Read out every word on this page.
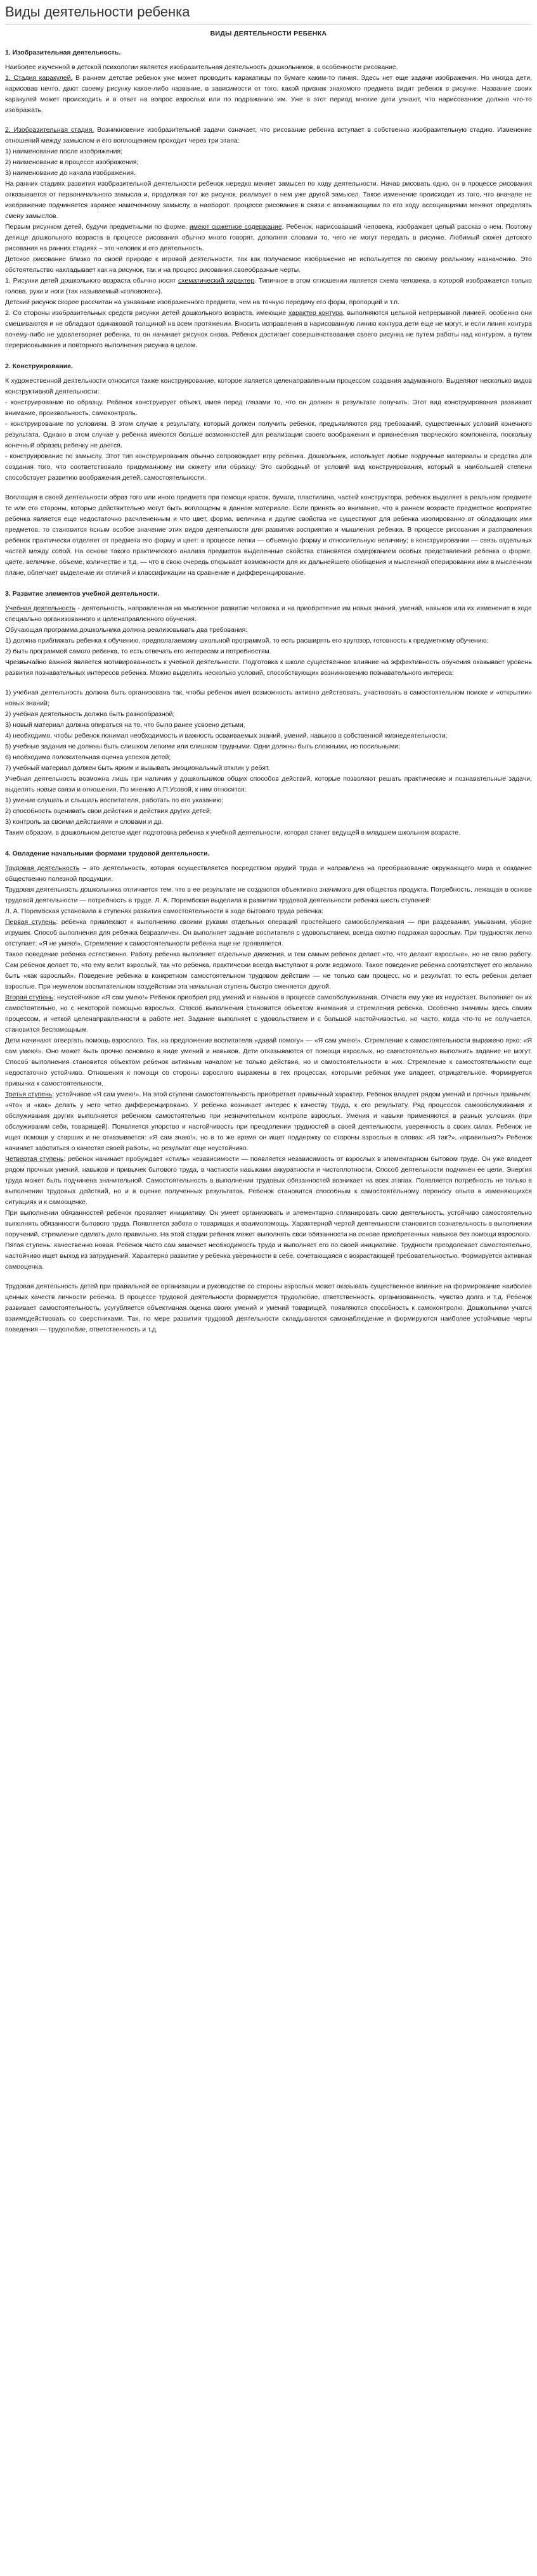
Виды деятельности ребенка
ВИДЫ ДЕЯТЕЛЬНОСТИ РЕБЕНКА

1. Изобразительная деятельность.

Наиболее изученной в детской психологии является изобразительная деятельность дошкольников, в особенности рисование.

1. Стадия каракулей. В раннем детстве ребенок уже может проводить каракатицы по бумаге каким-то линия. Здесь нет еще задачи изображения. Но иногда дети, нарисовав нечто, дают своему рисунку какое-либо название, в зависимости от того, какой признак знакомого предмета видит ребенок в рисунке. Название своих каракулей может происходить и в ответ на вопрос взрослых или по подражанию им. Уже в этот период многие дети узнают, что нарисованное должно что-то изображать.

2. Изобразительная стадия. Возникновение изобразительной задачи означает, что рисование ребенка вступает в собственно изобразительную стадию. Изменение отношений между замыслом и его воплощением проходит через три этапа:

1) наименование после изображения;

2) наименование в процессе изображения;

3) наименование до начала изображения.

На ранних стадиях развития изобразительной деятельности ребенок нередко меняет замысел по ходу деятельности. Начав рисовать одно, он в процессе рисования отказывается от первоначального замысла и, продолжая тот же рисунок, реализует в нем уже другой замысел. Такое изменение происходит из того, что вначале не изображение подчиняется заранее намеченному замыслу, а наоборот: процессе рисования в связи с возникающими по его ходу ассоциациями меняют определять смену замыслов.

Первым рисунком детей, будучи предметными по форме, имеют сюжетное содержание. Ребенок, нарисовавший человека, изображает целый рассказ о нем. Поэтому детище дошкольного возраста в процессе рисования обычно много говорят, дополняя словами то, чего не могут передать в рисунке. Любимый сюжет детского рисования на ранних стадиях – это человек и его деятельность.

Детское рисование близко по своей природе к игровой деятельности, так как получаемое изображение не используется по своему реальному назначению. Это обстоятельство накладывает как на рисунок, так и на процесс рисования своеобразные черты.

1. Рисунки детей дошкольного возраста обычно носят схематический характер. Типичное в этом отношении является схема человека, в которой изображается только голова, руки и ноги (так называемый «головоног»).

Детский рисунок скорее рассчитан на узнавание изображенного предмета, чем на точную передачу его форм, пропорций и т.п.

2. Со стороны изобразительных средств рисунки детей дошкольного возраста, имеющие характер контура, выполняются цельной непрерывной линией, особенно они смешиваются и не обладают одинаковой толщиной на всем протяжении. Вносить исправления в нарисованную линию контура дети еще не могут, и если линия контура почему-либо не удовлетворяет ребенка, то он начинает рисунок снова. Ребенок достигает совершенствования своего рисунка не путем работы над контуром, а путем перерисовывания и повторного выполнения рисунка в целом.

2. Конструирование.

К художественной деятельности относится также конструирование, которое является целенаправленным процессом создания задуманного. Выделяют несколько видов конструктивной деятельности:

- конструирование по образцу. Ребенок конструирует объект, имея перед глазами то, что он должен в результате получить. Этот вид конструирования развивает внимание, произвольность, самоконтроль.

- конструирование по условиям. В этом случае к результату, который должен получить ребенок, предъявляются ряд требований, существенных условий конечного результата. Однако в этом случае у ребенка имеются больше возможностей для реализации своего воображения и привнесения творческого компонента, поскольку конечный образец ребенку не дается.

- конструирование по замыслу. Этот тип конструирования обычно сопровождает игру ребенка. Дошкольник, использует любые подручные материалы и средства для создания того, что соответствовало придуманному им сюжету или образцу. Это свободный от условий вид конструирования, который в наибольшей степени способствует развитию воображения детей, самостоятельности.

Воплощая в своей деятельности образ того или иного предмета при помощи красок, бумаги, пластилина, частей конструктора, ребенок выделяет в реальном предмете те или его стороны, которые действительно могут быть воплощены в данном материале. Если принять во внимание, что в раннем возрасте предметное восприятие ребенка является еще недостаточно расчлененным и что цвет, форма, величина и другие свойства не существуют для ребенка изолированно от обладающих ими предметов, то становится ясным особое значение этих видов деятельности для развития восприятия и мышления ребенка. В процессе рисования и расправления ребенок практически отделяет от предмета его форму и цвет: в процессе лепки — объемную форму и относительную величину; в конструировании — связь отдельных частей между собой. На основе такого практического анализа предметов выделенные свойства становятся содержанием особых представлений ребенка о форме, цвете, величине, объеме, количестве и т.д. — что в свою очередь открывает возможности для их дальнейшего обобщения и мысленной оперировании ими в мысленном плане, облегчает выделение их отличий и классификации на сравнение и дифференцирование.

3. Развитие элементов учебной деятельности.

Учебная деятельность - деятельность, направленная на мысленное развитие человека и на приобретение им новых знаний, умений, навыков или их изменение в ходе специально организованного и целенаправленного обучения.

Обучающая программа дошкольника должна реализовывать два требования:

1) должна приближать ребенка к обучению, предполагаемому школьной программой, то есть расширять его кругозор, готовность к предметному обучению;

2) быть программой самого ребенка, то есть отвечать его интересам и потребностям.

Чрезвычайно важной является мотивированность к учебной деятельности. Подготовка к школе существенное влияние на эффективность обучения оказывает уровень развития познавательных интересов ребенка. Можно выделить несколько условий, способствующих возникновению познавательного интереса:

1) учебная деятельность должна быть организована так, чтобы ребенок имел возможность активно действовать, участвовать в самостоятельном поиске и «открытии» новых знаний;

2) учебная деятельность должна быть разнообразной;

3) новый материал должна опираться на то, что было ранее усвоено детьми;

4) необходимо, чтобы ребенок понимал необходимость и важность осваиваемых знаний, умений, навыков в собственной жизнедеятельности;

5) учебные задания не должны быть слишком легкими или слишком трудными. Одни должны быть сложными, но посильными;

6) необходима положительная оценка успехов детей;

7) учебный материал должен быть ярким и вызывать эмоциональный отклик у ребят.

Учебная деятельность возможна лишь при наличии у дошкольников общих способов действий, которые позволяют решать практические и познавательные задачи, выделять новые связи и отношения. По мнению А.П.Усовой, к ним относятся:

1) умение слушать и слышать воспитателя, работать по его указанию;

2) способность оценивать свои действия и действия других детей;

3) контроль за своими действиями и словами и др.

Таким образом, в дошкольном детстве идет подготовка ребенка к учебной деятельности, которая станет ведущей в младшем школьном возрасте.

4. Овладение начальными формами трудовой деятельности.

Трудовая деятельность – это деятельность, которая осуществляется посредством орудий труда и направлена на преобразование окружающего мира и создание общественно полезной продукции.

Трудовая деятельность дошкольника отличается тем, что в ее результате не создаются объективно значимого для общества продукта. Потребность, лежащая в основе трудовой деятельности — потребность в труде. Л. А. Порембская выделила в развитии трудовой деятельности ребенка шесть ступеней:

Л. А. Порембская установила в ступенях развития самостоятельности в ходе бытового труда ребенка:

Первая ступень: ребенка привлекают к выполнению своими руками отдельных операций простейшего самообслуживания — при раздевании, умывании, уборке игрушек. Способ выполнения для ребенка безразличен. Он выполняет задание воспитателя с удовольствием, всегда охотно подражая взрослым. При трудностях легко отступает: «Я не умею!». Стремление к самостоятельности ребенка еще не проявляется.

Такое поведение ребенка естественно. Работу ребенка выполняет отдельные движения, и тем самым ребенок делает «то, что делают взрослые», но не свою работу. Сам ребенок делает то, что ему велит взрослый, так что ребенка, практически всегда выступают в роли ведомого. Такое поведение ребенка соответствует его желанию быть «как взрослый». Поведение ребенка в конкретном самостоятельном трудовом действии — не только сам процесс, но и результат, то есть ребенок делает взрослые. При неумелом воспитательном воздействии эта начальная ступень быстро сменяется другой.

Вторая ступень: неустойчивое «Я сам умею!» Ребенок приобрел ряд умений и навыков в процессе самообслуживания. Отчасти ему уже их недостает. Выполняет он их самостоятельно, но с некоторой помощью взрослых. Способ выполнения становится объектом внимания и стремления ребенка. Особенно значимы здесь самим процессом, и четкой целенаправленности в работе нет. Задание выполняет с удовольствием и с большой настойчивостью, но часто, когда что-то не получается, становится беспомощным.

Дети начинают отвергать помощь взрослого. Так, на предложение воспитателя «давай помогу» — «Я сам умею!». Стремление к самостоятельности выражено ярко: «Я сам умею!». Оно может быть прочно основано в виде умений и навыков. Дети отказываются от помощи взрослых, но самостоятельно выполнить задание не могут. Способ выполнения становится объектом ребенок активным началом не только действия, но и самостоятельности в них. Стремление к самостоятельности еще недостаточно устойчиво. Отношения к помощи со стороны взрослого выражены в тех процессах, которыми ребенок уже владеет, отрицательное. Формируется привычка к самостоятельности.

Третья ступень: устойчивое «Я сам умею!». На этой ступени самостоятельность приобретает привычный характер. Ребенок владеет рядом умений и прочных привычек: «что» и «как» делать у него четко дифференцировано. У ребенка возникает интерес к качеству труда, к его результату. Ряд процессов самообслуживания и обслуживания других выполняется ребенком самостоятельно при незначительном контроле взрослых. Умения и навыки применяются в разных условиях (при обслуживании себя, товарищей). Появляется упорство и настойчивость при преодолении трудностей в своей деятельности, уверенность в своих силах. Ребенок не ищет помощи у старших и не отказывается: «Я сам знаю!», но в то же время он ищет поддержку со стороны взрослых в словах: «Я так?», «правильно?» Ребенок начинает заботиться о качестве своей работы, но результат еще неустойчиво.

Четвертая ступень: ребенок начинает пробуждает «стиль» независимости — появляется независимость от взрослых в элементарном бытовом труде. Он уже владеет рядом прочных умений, навыков и привычек бытового труда, в частности навыками аккуратности и чистоплотности. Способ деятельности подчинен ее цели. Энергия труда может быть подчинена значительной. Самостоятельность в выполнении трудовых обязанностей возникает на всех этапах. Появляется потребность не только в выполнении трудовых действий, но и в оценке полученных результатов. Ребенок становится способным к самостоятельному переносу опыта в изменяющихся ситуациях и к самооценке.

При выполнении обязанностей ребенок проявляет инициативу. Он умеет организовать и элементарно спланировать свою деятельность, устойчиво самостоятельно выполнять обязанности бытового труда. Появляется забота о товарищах и взаимопомощь. Характерной чертой деятельности становится сознательность в выполнении поручений, стремление сделать дело правильно. На этой стадии ребенок может выполнять свои обязанности на основе приобретенных навыков без помощи взрослого.

Пятая ступень: качественно новая. Ребенок часто сам замечает необходимость труда и выполняет его по своей инициативе. Трудности преодолевает самостоятельно, настойчиво ищет выход из затруднений. Характерно развитие у ребенка уверенности в себе, сочетающаяся с возрастающей требовательностью. Формируется активная самооценка.

Трудовая деятельность детей при правильной ее организации и руководстве со стороны взрослых может оказывать существенное влияние на формирование наиболее ценных качеств личности ребенка. В процессе трудовой деятельности формируется трудолюбие, ответственность, организованность, чувство долга и т.д. Ребенок развивает самостоятельность, усугубляется объективная оценка своих умений и умений товарищей, появляются способность к самоконтролю. Дошкольники учатся взаимодействовать со сверстниками. Так, по мере развития трудовой деятельности складываются самонаблюдение и формируются наиболее устойчивые черты поведения — трудолюбие, ответственность и т.д.
